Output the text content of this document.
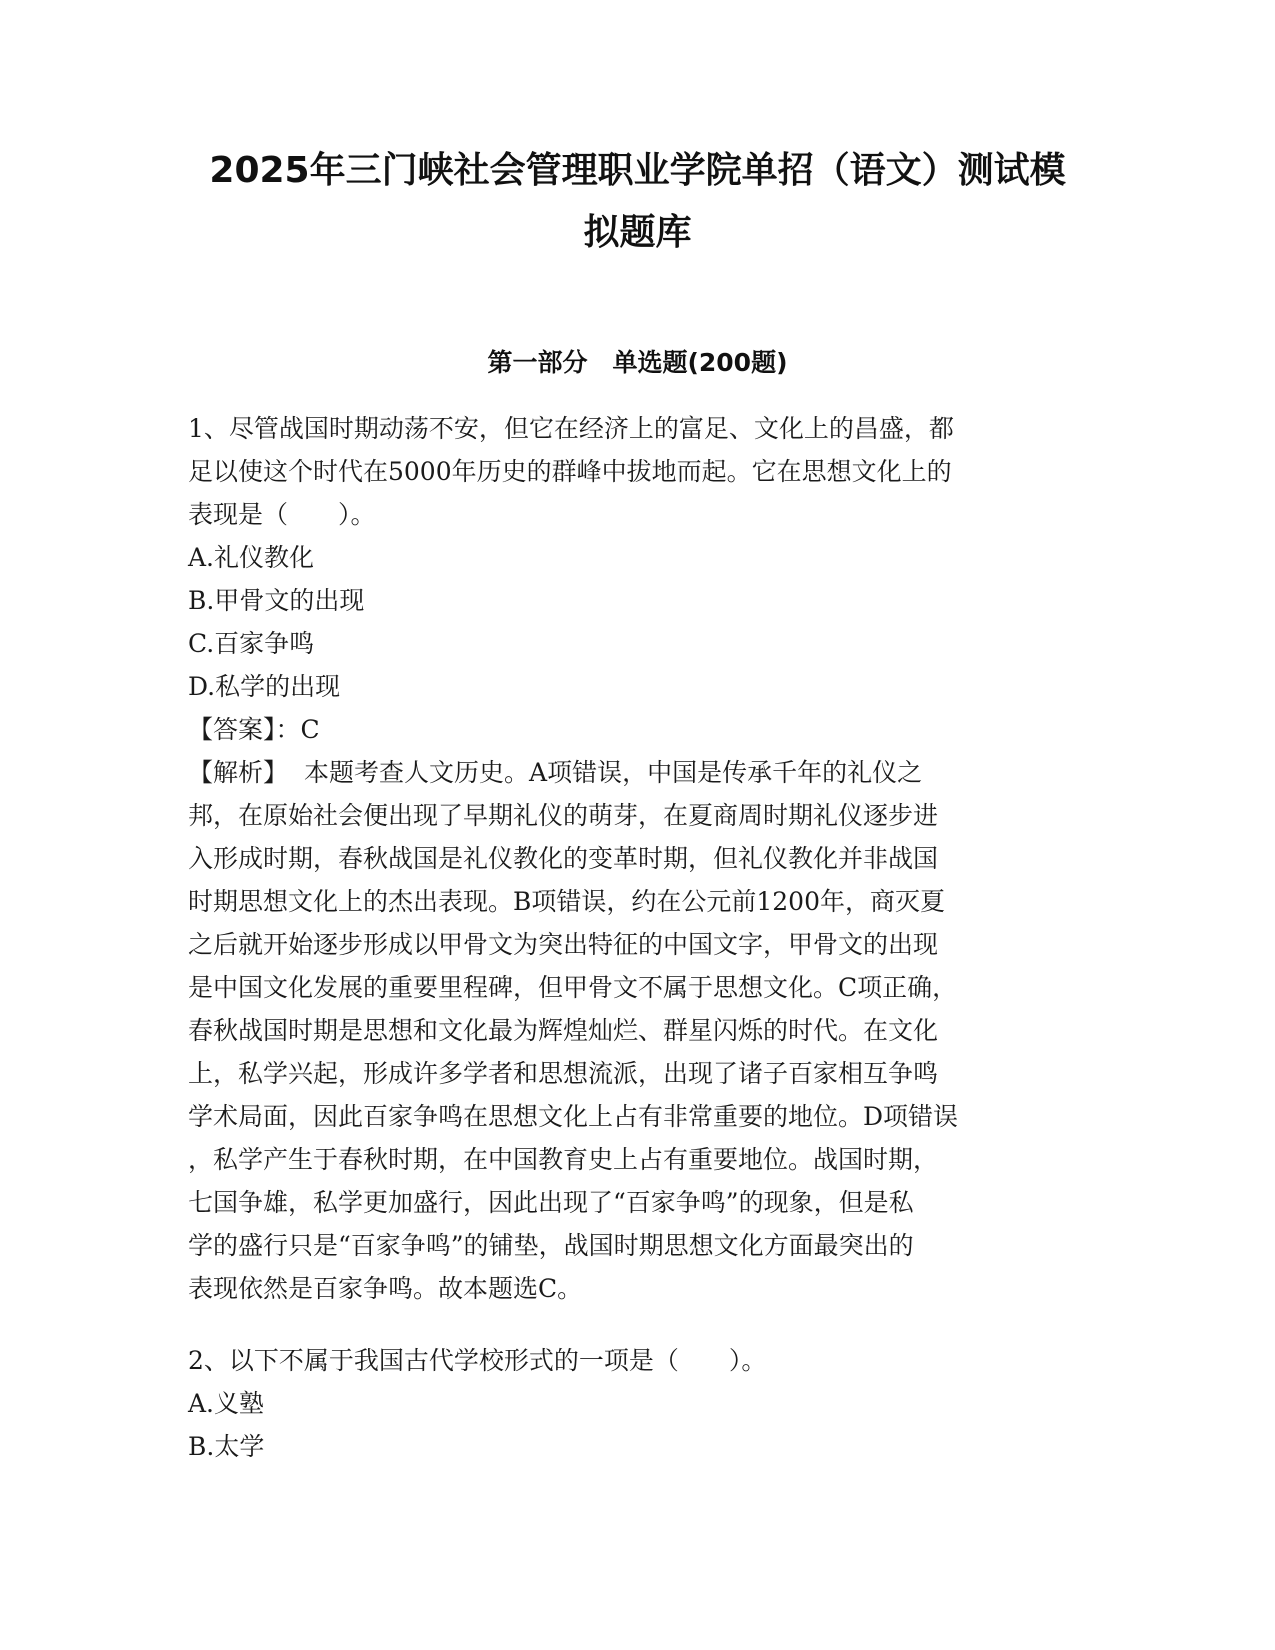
2025年三门峡社会管理职业学院单招（语文）测试模
拟题库
第一部分　单选题(200题)
1、尽管战国时期动荡不安，但它在经济上的富足、文化上的昌盛，都
足以使这个时代在5000年历史的群峰中拔地而起。它在思想文化上的
表现是（　　）。
A.礼仪教化
B.甲骨文的出现
C.百家争鸣
D.私学的出现
【答案】：C
【解析】 本题考查人文历史。A项错误，中国是传承千年的礼仪之
邦，在原始社会便出现了早期礼仪的萌芽，在夏商周时期礼仪逐步进
入形成时期，春秋战国是礼仪教化的变革时期，但礼仪教化并非战国
时期思想文化上的杰出表现。B项错误，约在公元前1200年，商灭夏
之后就开始逐步形成以甲骨文为突出特征的中国文字，甲骨文的出现
是中国文化发展的重要里程碑，但甲骨文不属于思想文化。C项正确，
春秋战国时期是思想和文化最为辉煌灿烂、群星闪烁的时代。在文化
上，私学兴起，形成许多学者和思想流派，出现了诸子百家相互争鸣
学术局面，因此百家争鸣在思想文化上占有非常重要的地位。D项错误
，私学产生于春秋时期，在中国教育史上占有重要地位。战国时期，
七国争雄，私学更加盛行，因此出现了“百家争鸣”的现象，但是私
学的盛行只是“百家争鸣”的铺垫，战国时期思想文化方面最突出的
表现依然是百家争鸣。故本题选C。
2、以下不属于我国古代学校形式的一项是（　　）。
A.义塾
B.太学
